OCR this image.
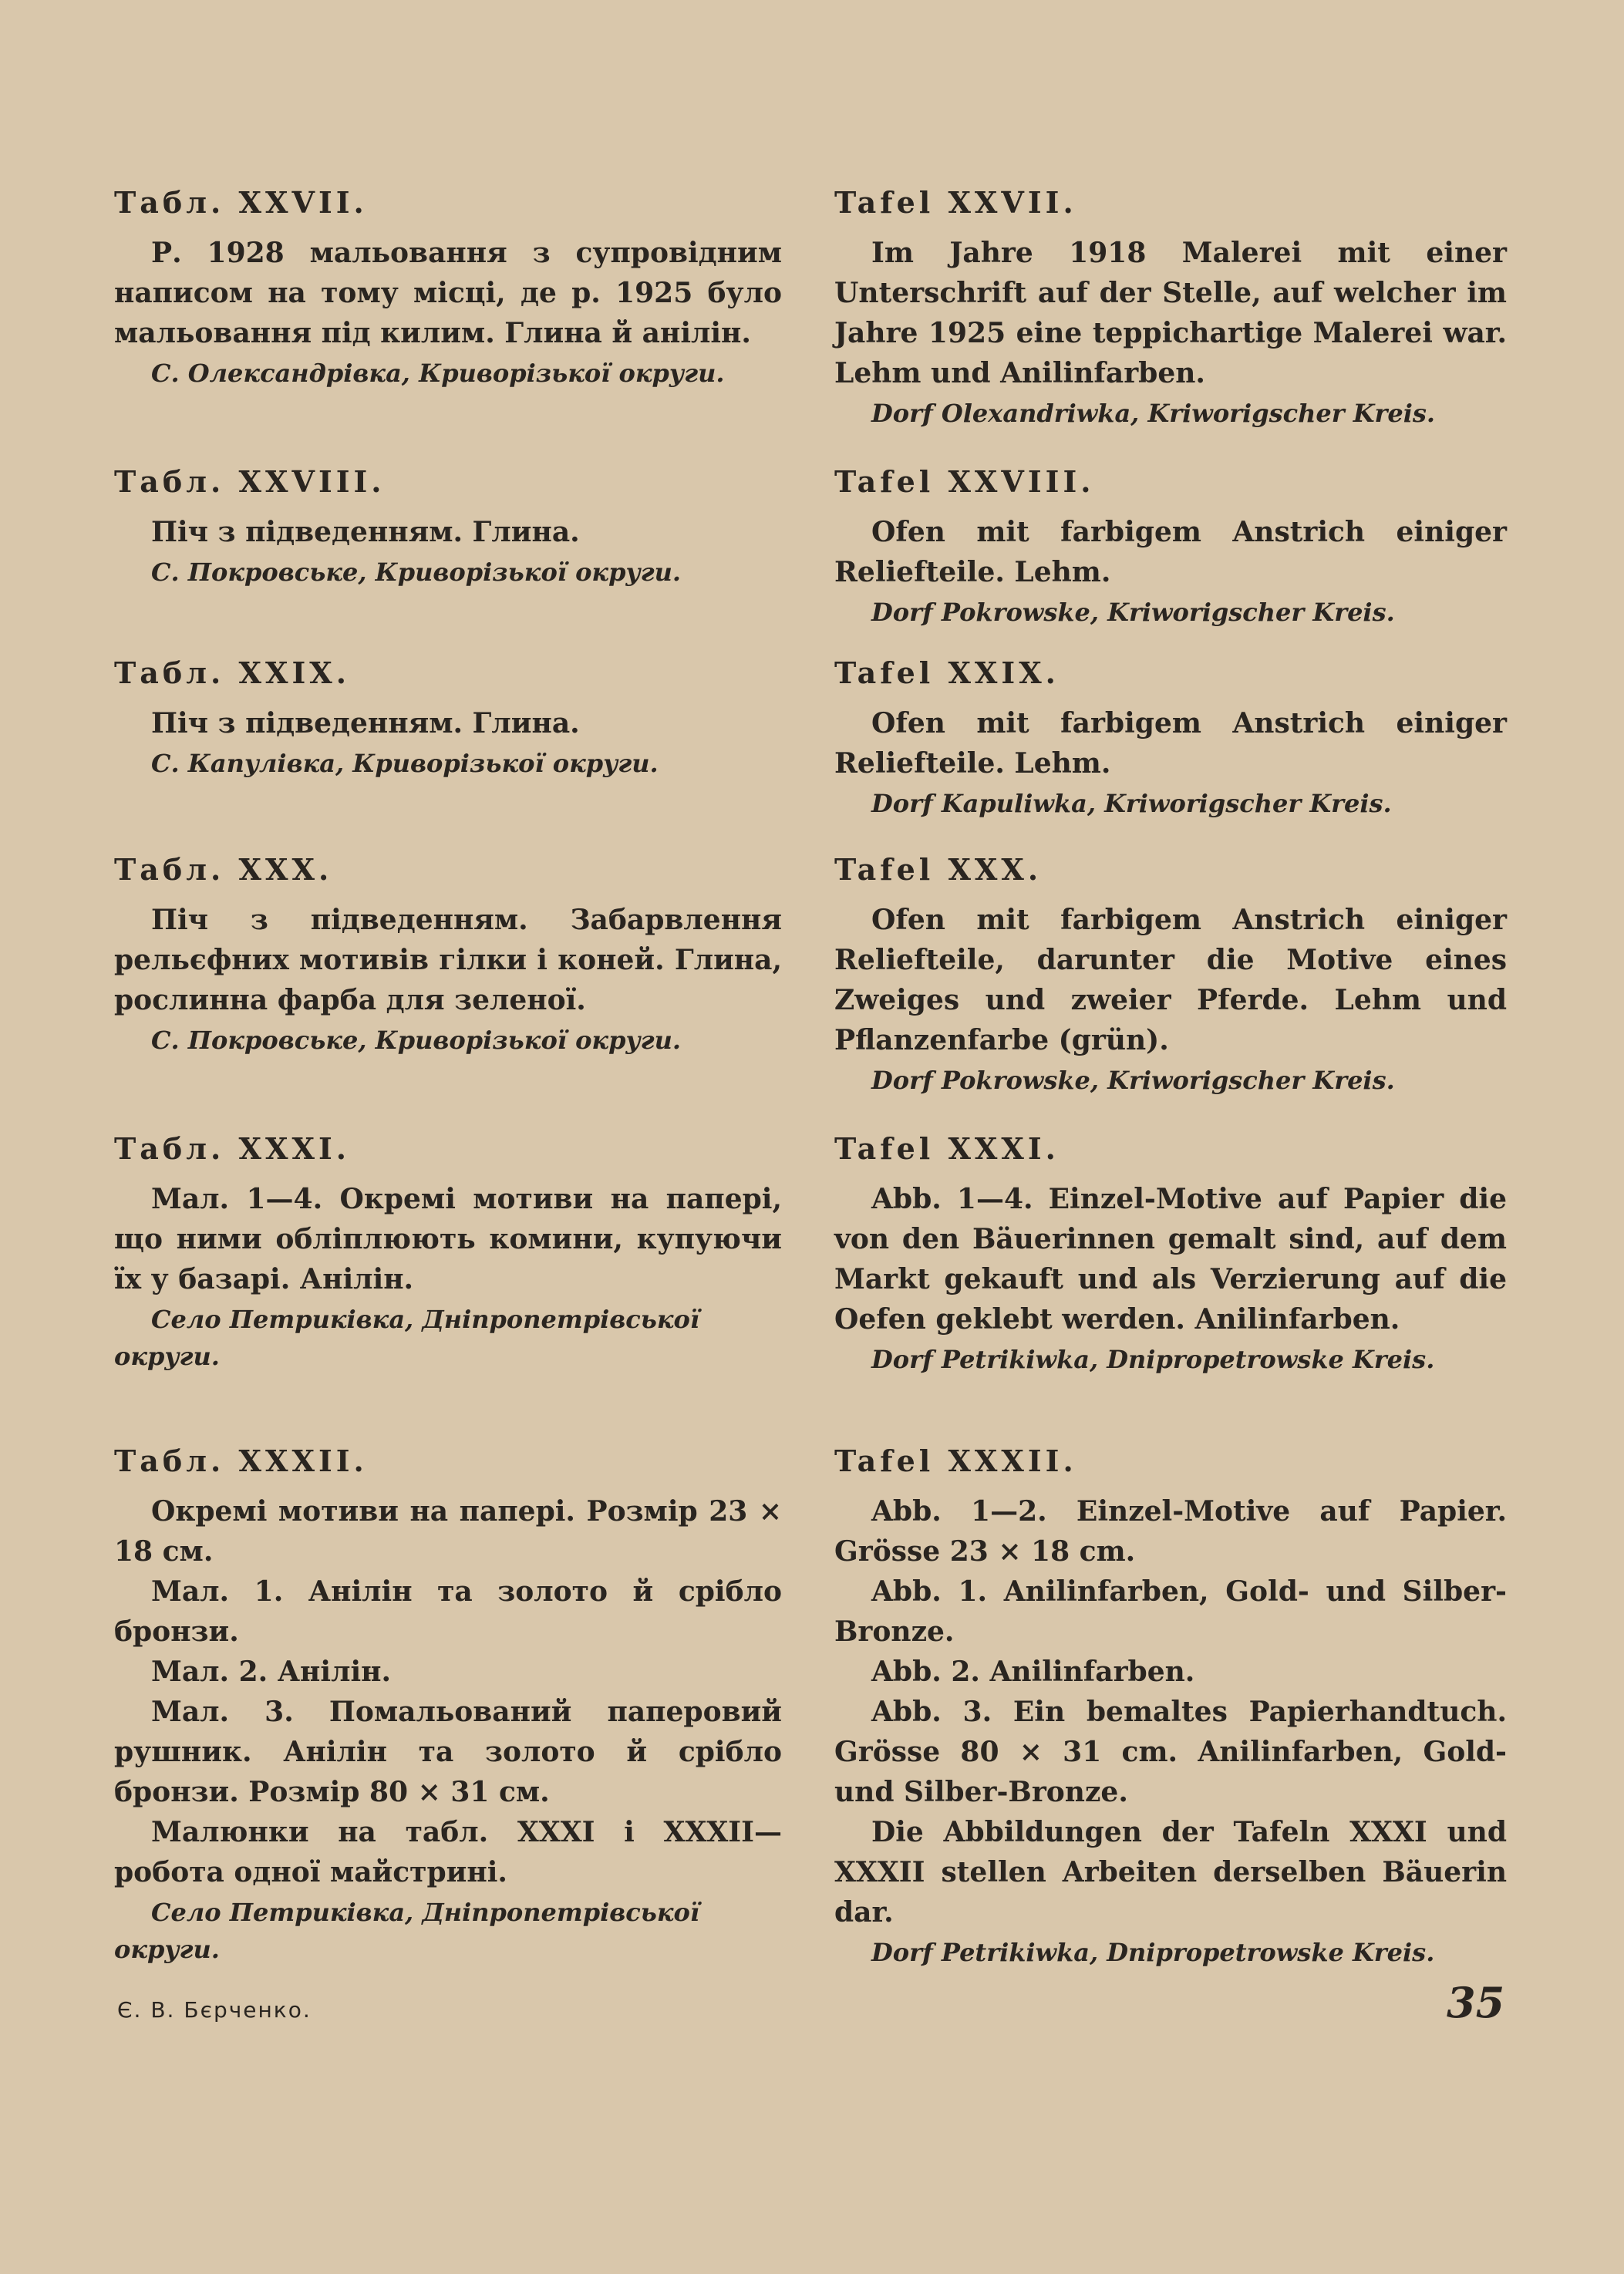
Табл. XXVII.

Р. 1928 мальовання з супровідним написом на тому місці, де р. 1925 було мальовання під килим. Глина й анілін.

С. Олександрівка, Криворізької округи.

Табл. XXVIII.

Піч з підведенням. Глина.

С. Покровське, Криворізької округи.

Табл. XXIX.

Піч з підведенням. Глина.

С. Капулівка, Криворізької округи.

Табл. XXX.

Піч з підведенням. Забарвлення рельєфних мотивів гілки і коней. Глина, рослинна фарба для зеленої.

С. Покровське, Криворізької округи.

Табл. XXXI.

Мал. 1—4. Окремі мотиви на папері, що ними обліплюють комини, купуючи їх у базарі. Анілін.

Село Петриківка, Дніпропетрівської округи.

Табл. XXXII.

Окремі мотиви на папері. Розмір 23 × 18 см.

Мал. 1. Анілін та золото й срібло бронзи.

Мал. 2. Анілін.

Мал. 3. Помальований паперовий рушник. Анілін та золото й срібло бронзи. Розмір 80 × 31 см.

Малюнки на табл. XXXI і XXXII— робота одної майстрині.

Село Петриківка, Дніпропетрівської округи.

Tafel XXVII.

Im Jahre 1918 Malerei mit einer Unterschrift auf der Stelle, auf welcher im Jahre 1925 eine teppichartige Malerei war. Lehm und Anilinfarben.

Dorf Olexandriwka, Kriworigscher Kreis.

Tafel XXVIII.

Ofen mit farbigem Anstrich einiger Reliefteile. Lehm.

Dorf Pokrowske, Kriworigscher Kreis.

Tafel XXIX.

Ofen mit farbigem Anstrich einiger Reliefteile. Lehm.

Dorf Kapuliwka, Kriworigscher Kreis.

Tafel XXX.

Ofen mit farbigem Anstrich einiger Reliefteile, darunter die Motive eines Zweiges und zweier Pferde. Lehm und Pflanzenfarbe (grün).

Dorf Pokrowske, Kriworigscher Kreis.

Tafel XXXI.

Abb. 1—4. Einzel-Motive auf Papier die von den Bäuerinnen gemalt sind, auf dem Markt gekauft und als Verzierung auf die Oefen geklebt werden. Anilinfarben.

Dorf Petrikiwka, Dnipropetrowske Kreis.

Tafel XXXII.

Abb. 1—2. Einzel-Motive auf Papier. Grösse 23 × 18 cm.

Abb. 1. Anilinfarben, Gold- und Silber-Bronze.

Abb. 2. Anilinfarben.

Abb. 3. Ein bemaltes Papierhandtuch. Grösse 80 × 31 cm. Anilinfarben, Gold- und Silber-Bronze.

Die Abbildungen der Tafeln XXXI und XXXII stellen Arbeiten derselben Bäuerin dar.

Dorf Petrikiwka, Dnipropetrowske Kreis.

Є. В. Бєрченко.	35
